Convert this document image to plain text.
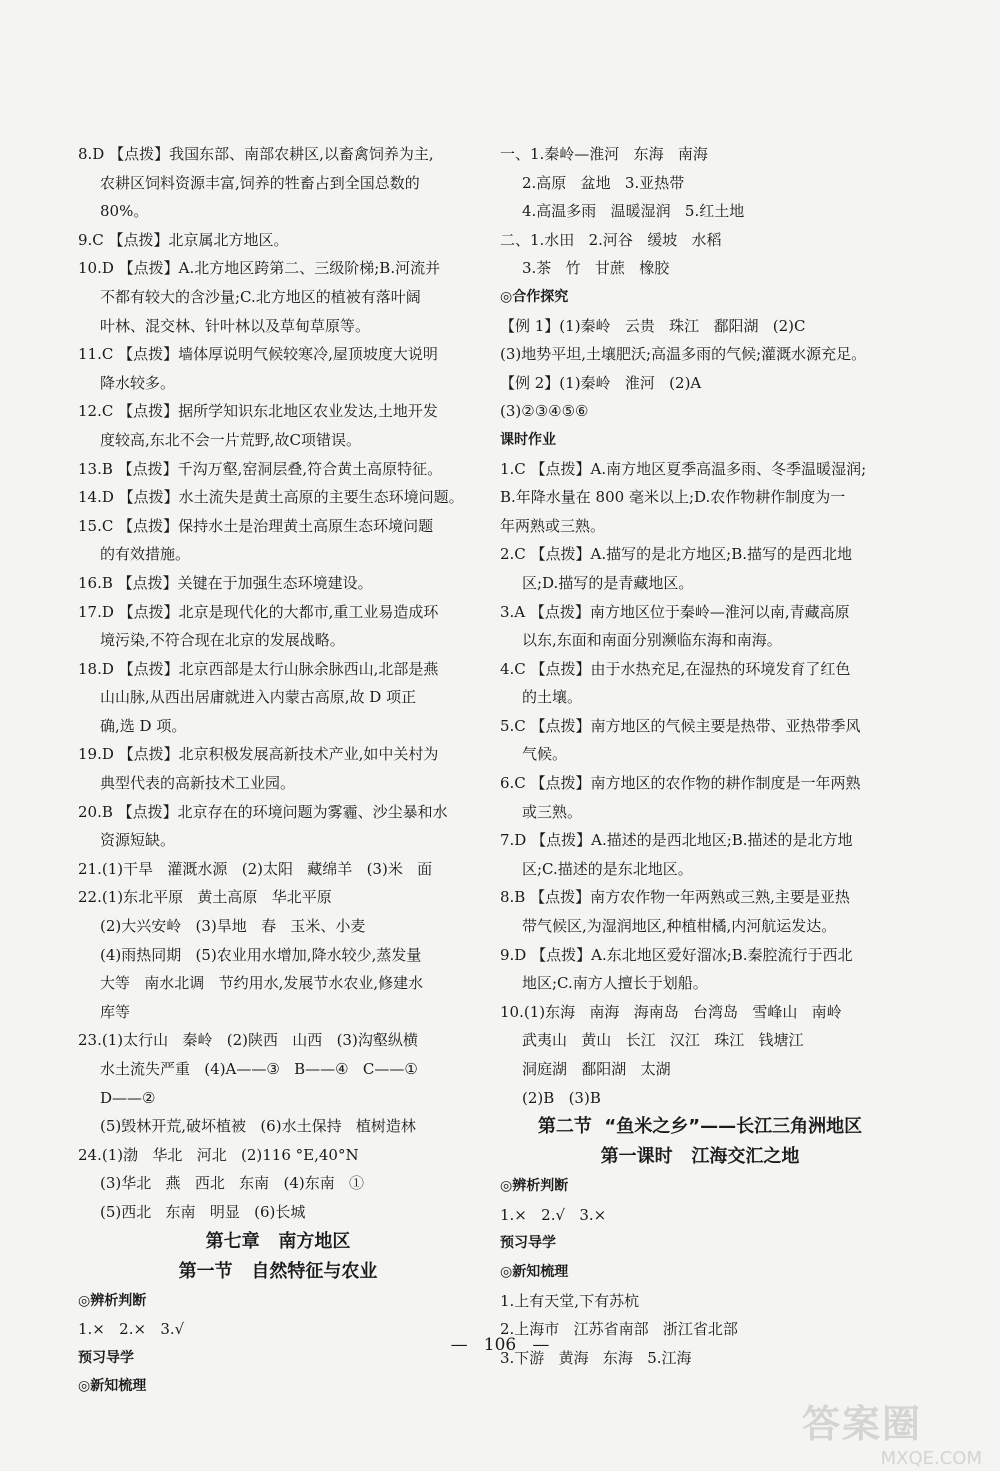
8.D 【点拨】我国东部、南部农耕区,以畜禽饲养为主,
农耕区饲料资源丰富,饲养的牲畜占到全国总数的
80%。
9.C 【点拨】北京属北方地区。
10.D 【点拨】A.北方地区跨第二、三级阶梯;B.河流并
不都有较大的含沙量;C.北方地区的植被有落叶阔
叶林、混交林、针叶林以及草甸草原等。
11.C 【点拨】墙体厚说明气候较寒冷,屋顶坡度大说明
降水较多。
12.C 【点拨】据所学知识东北地区农业发达,土地开发
度较高,东北不会一片荒野,故C项错误。
13.B 【点拨】千沟万壑,窑洞层叠,符合黄土高原特征。
14.D 【点拨】水土流失是黄土高原的主要生态环境问题。
15.C 【点拨】保持水土是治理黄土高原生态环境问题
的有效措施。
16.B 【点拨】关键在于加强生态环境建设。
17.D 【点拨】北京是现代化的大都市,重工业易造成环
境污染,不符合现在北京的发展战略。
18.D 【点拨】北京西部是太行山脉余脉西山,北部是燕
山山脉,从西出居庸就进入内蒙古高原,故 D 项正
确,选 D 项。
19.D 【点拨】北京积极发展高新技术产业,如中关村为
典型代表的高新技术工业园。
20.B 【点拨】北京存在的环境问题为雾霾、沙尘暴和水
资源短缺。
21.(1)干旱   灌溉水源   (2)太阳   藏绵羊   (3)米   面
22.(1)东北平原   黄土高原   华北平原
(2)大兴安岭   (3)旱地   春   玉米、小麦
(4)雨热同期   (5)农业用水增加,降水较少,蒸发量
大等   南水北调   节约用水,发展节水农业,修建水
库等
23.(1)太行山   秦岭   (2)陕西   山西   (3)沟壑纵横
水土流失严重   (4)A——③   B——④   C——①
D——②
(5)毁林开荒,破坏植被   (6)水土保持   植树造林
24.(1)渤   华北   河北   (2)116 °E,40°N
(3)华北   燕   西北   东南   (4)东南   ①
(5)西北   东南   明显   (6)长城
第七章   南方地区
第一节   自然特征与农业
◎辨析判断
1.×   2.×   3.√
预习导学
◎新知梳理
一、1.秦岭—淮河   东海   南海
2.高原   盆地   3.亚热带
4.高温多雨   温暖湿润   5.红土地
二、1.水田   2.河谷   缓坡   水稻
3.茶   竹   甘蔗   橡胶
◎合作探究
【例 1】(1)秦岭   云贵   珠江   鄱阳湖   (2)C
(3)地势平坦,土壤肥沃;高温多雨的气候;灌溉水源充足。
【例 2】(1)秦岭   淮河   (2)A
(3)②③④⑤⑥
课时作业
1.C 【点拨】A.南方地区夏季高温多雨、冬季温暖湿润;
B.年降水量在 800 毫米以上;D.农作物耕作制度为一
年两熟或三熟。
2.C 【点拨】A.描写的是北方地区;B.描写的是西北地
区;D.描写的是青藏地区。
3.A 【点拨】南方地区位于秦岭—淮河以南,青藏高原
以东,东面和南面分别濒临东海和南海。
4.C 【点拨】由于水热充足,在湿热的环境发育了红色
的土壤。
5.C 【点拨】南方地区的气候主要是热带、亚热带季风
气候。
6.C 【点拨】南方地区的农作物的耕作制度是一年两熟
或三熟。
7.D 【点拨】A.描述的是西北地区;B.描述的是北方地
区;C.描述的是东北地区。
8.B 【点拨】南方农作物一年两熟或三熟,主要是亚热
带气候区,为湿润地区,种植柑橘,内河航运发达。
9.D 【点拨】A.东北地区爱好溜冰;B.秦腔流行于西北
地区;C.南方人擅长于划船。
10.(1)东海   南海   海南岛   台湾岛   雪峰山   南岭
武夷山   黄山   长江   汉江   珠江   钱塘江
洞庭湖   鄱阳湖   太湖
(2)B   (3)B
第二节  “鱼米之乡”——长江三角洲地区
第一课时   江海交汇之地
◎辨析判断
1.×   2.√   3.×
预习导学
◎新知梳理
1.上有天堂,下有苏杭
2.上海市   江苏省南部   浙江省北部
3.下游   黄海   东海   5.江海
—   106   —
答案圈
MXQE.COM
